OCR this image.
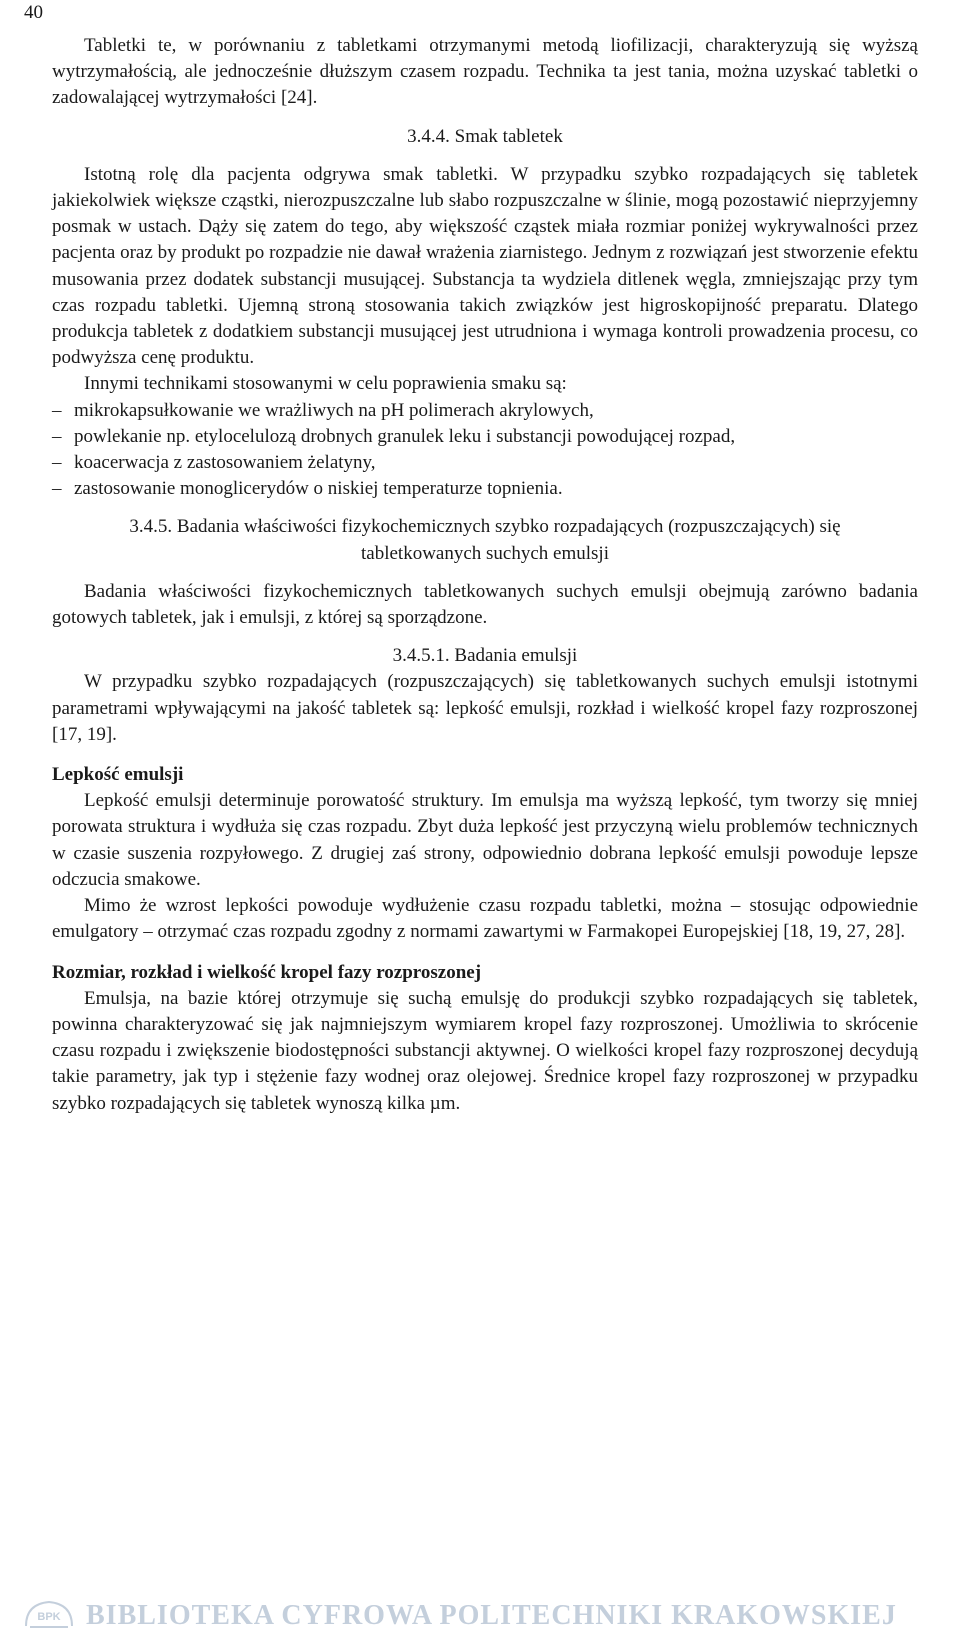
40

Tabletki te, w porównaniu z tabletkami otrzymanymi metodą liofilizacji, charakteryzują się wyższą wytrzymałością, ale jednocześnie dłuższym czasem rozpadu. Technika ta jest tania, można uzyskać tabletki o zadowalającej wytrzymałości [24].

3.4.4. Smak tabletek

Istotną rolę dla pacjenta odgrywa smak tabletki. W przypadku szybko rozpadających się tabletek jakiekolwiek większe cząstki, nierozpuszczalne lub słabo rozpuszczalne w ślinie, mogą pozostawić nieprzyjemny posmak w ustach. Dąży się zatem do tego, aby większość cząstek miała rozmiar poniżej wykrywalności przez pacjenta oraz by produkt po rozpadzie nie dawał wrażenia ziarnistego. Jednym z rozwiązań jest stworzenie efektu musowania przez dodatek substancji musującej. Substancja ta wydziela ditlenek węgla, zmniejszając przy tym czas rozpadu tabletki. Ujemną stroną stosowania takich związków jest higroskopijność preparatu. Dlatego produkcja tabletek z dodatkiem substancji musującej jest utrudniona i wymaga kontroli prowadzenia procesu, co podwyższa cenę produktu.

Innymi technikami stosowanymi w celu poprawienia smaku są:

– mikrokapsułkowanie we wrażliwych na pH polimerach akrylowych,
– powlekanie np. etylocelulozą drobnych granulek leku i substancji powodującej rozpad,
– koacerwacja z zastosowaniem żelatyny,
– zastosowanie monoglicerydów o niskiej temperaturze topnienia.

3.4.5. Badania właściwości fizykochemicznych szybko rozpadających (rozpuszczających) się tabletkowanych suchych emulsji

Badania właściwości fizykochemicznych tabletkowanych suchych emulsji obejmują zarówno badania gotowych tabletek, jak i emulsji, z której są sporządzone.

3.4.5.1. Badania emulsji

W przypadku szybko rozpadających (rozpuszczających) się tabletkowanych suchych emulsji istotnymi parametrami wpływającymi na jakość tabletek są: lepkość emulsji, rozkład i wielkość kropel fazy rozproszonej [17, 19].

Lepkość emulsji

Lepkość emulsji determinuje porowatość struktury. Im emulsja ma wyższą lepkość, tym tworzy się mniej porowata struktura i wydłuża się czas rozpadu. Zbyt duża lepkość jest przyczyną wielu problemów technicznych w czasie suszenia rozpyłowego. Z drugiej zaś strony, odpowiednio dobrana lepkość emulsji powoduje lepsze odczucia smakowe.

Mimo że wzrost lepkości powoduje wydłużenie czasu rozpadu tabletki, można – stosując odpowiednie emulgatory – otrzymać czas rozpadu zgodny z normami zawartymi w Farmakopei Europejskiej [18, 19, 27, 28].

Rozmiar, rozkład i wielkość kropel fazy rozproszonej

Emulsja, na bazie której otrzymuje się suchą emulsję do produkcji szybko rozpadających się tabletek, powinna charakteryzować się jak najmniejszym wymiarem kropel fazy rozproszonej. Umożliwia to skrócenie czasu rozpadu i zwiększenie biodostępności substancji aktywnej. O wielkości kropel fazy rozproszonej decydują takie parametry, jak typ i stężenie fazy wodnej oraz olejowej. Średnice kropel fazy rozproszonej w przypadku szybko rozpadających się tabletek wynoszą kilka µm.

BPK BIBLIOTEKA CYFROWA POLITECHNIKI KRAKOWSKIEJ
